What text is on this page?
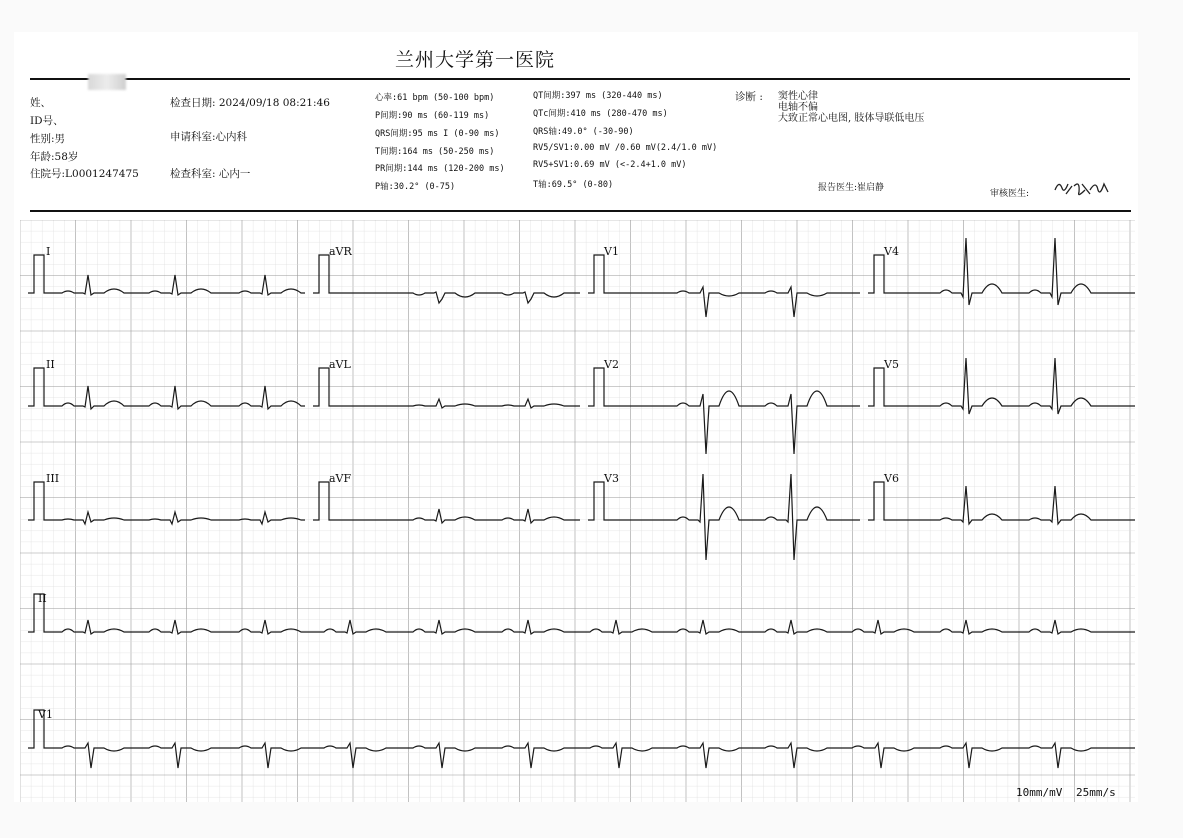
兰州大学第一医院
姓、
ID号、
性别:男
年龄:58岁
住院号:L0001247475
检查日期: 2024/09/18 08:21:46
申请科室:心内科
检查科室: 心内一
心率:61 bpm (50-100 bpm)
P间期:90 ms (60-119 ms)
QRS间期:95 ms I (0-90 ms)
T间期:164 ms (50-250 ms)
PR间期:144 ms (120-200 ms)
P轴:30.2° (0-75)
QT间期:397 ms (320-440 ms)
QTc间期:410 ms (280-470 ms)
QRS轴:49.0° (-30-90)
RV5/SV1:0.00 mV /0.60 mV(2.4/1.0 mV)
RV5+SV1:0.69 mV (<-2.4+1.0 mV)
T轴:69.5° (0-80)
诊断 : 窦性心律
电轴不偏
大致正常心电图, 肢体导联低电压
报告医生:崔启静
审核医生:
I	aVR	V1	V4
II	aVL	V2	V5
III	aVF	V3	V6
II
V1
10mm/mV 25mm/s
